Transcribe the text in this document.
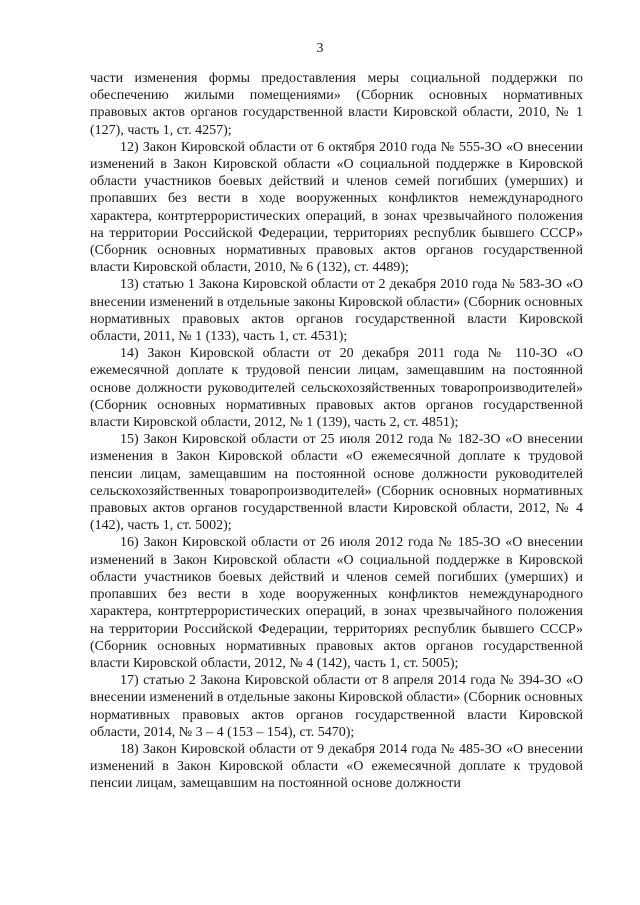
3

части изменения формы предоставления меры социальной поддержки по обеспечению жилыми помещениями» (Сборник основных нормативных правовых актов органов государственной власти Кировской области, 2010, № 1 (127), часть 1, ст. 4257);

12) Закон Кировской области от 6 октября 2010 года № 555-ЗО «О внесении изменений в Закон Кировской области «О социальной поддержке в Кировской области участников боевых действий и членов семей погибших (умерших) и пропавших без вести в ходе вооруженных конфликтов немеждународного характера, контртеррористических операций, в зонах чрезвычайного положения на территории Российской Федерации, территориях республик бывшего СССР» (Сборник основных нормативных правовых актов органов государственной власти Кировской области, 2010, № 6 (132), ст. 4489);

13) статью 1 Закона Кировской области от 2 декабря 2010 года № 583-ЗО «О внесении изменений в отдельные законы Кировской области» (Сборник основных нормативных правовых актов органов государственной власти Кировской области, 2011, № 1 (133), часть 1, ст. 4531);

14) Закон Кировской области от 20 декабря 2011 года № 110-ЗО «О ежемесячной доплате к трудовой пенсии лицам, замещавшим на постоянной основе должности руководителей сельскохозяйственных товаропроизводителей» (Сборник основных нормативных правовых актов органов государственной власти Кировской области, 2012, № 1 (139), часть 2, ст. 4851);

15) Закон Кировской области от 25 июля 2012 года № 182-ЗО «О внесении изменения в Закон Кировской области «О ежемесячной доплате к трудовой пенсии лицам, замещавшим на постоянной основе должности руководителей сельскохозяйственных товаропроизводителей» (Сборник основных нормативных правовых актов органов государственной власти Кировской области, 2012, № 4 (142), часть 1, ст. 5002);

16) Закон Кировской области от 26 июля 2012 года № 185-ЗО «О внесении изменений в Закон Кировской области «О социальной поддержке в Кировской области участников боевых действий и членов семей погибших (умерших) и пропавших без вести в ходе вооруженных конфликтов немеждународного характера, контртеррористических операций, в зонах чрезвычайного положения на территории Российской Федерации, территориях республик бывшего СССР» (Сборник основных нормативных правовых актов органов государственной власти Кировской области, 2012, № 4 (142), часть 1, ст. 5005);

17) статью 2 Закона Кировской области от 8 апреля 2014 года № 394-ЗО «О внесении изменений в отдельные законы Кировской области» (Сборник основных нормативных правовых актов органов государственной власти Кировской области, 2014, № 3 – 4 (153 – 154), ст. 5470);

18) Закон Кировской области от 9 декабря 2014 года № 485-ЗО «О внесении изменений в Закон Кировской области «О ежемесячной доплате к трудовой пенсии лицам, замещавшим на постоянной основе должности
